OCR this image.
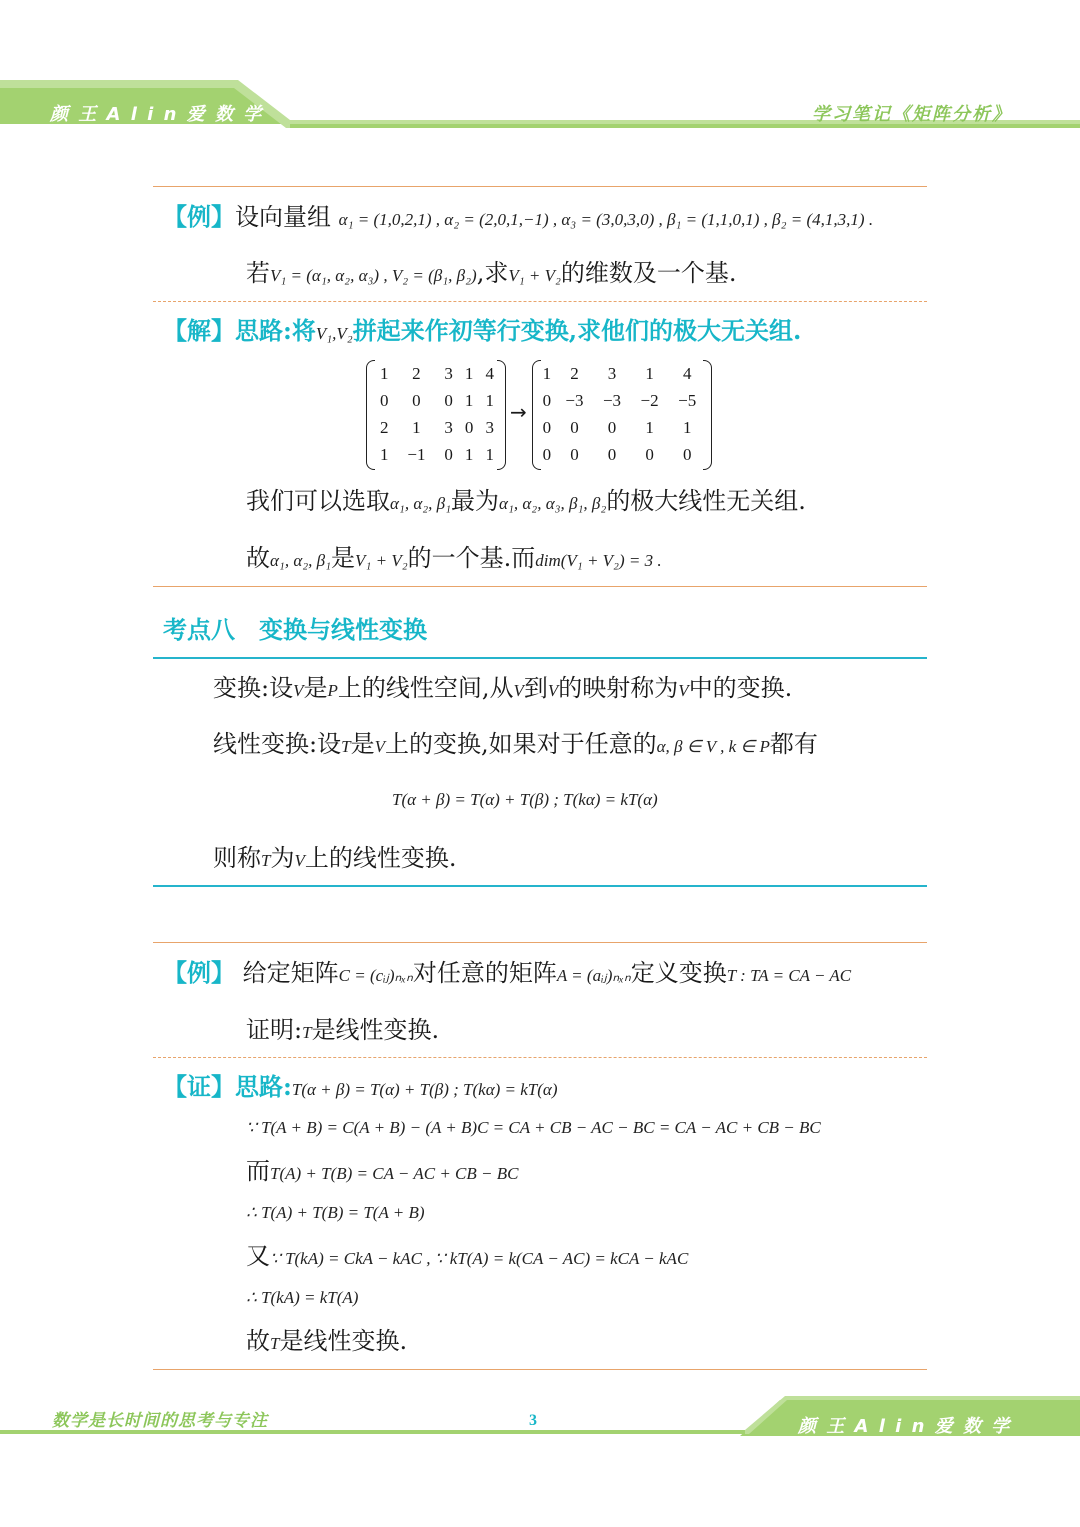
颜 王 A l i n 爱 数 学	学习笔记《矩阵分析》
【例】设向量组 α₁ = (1,0,2,1) , α₂ = (2,0,1,−1) , α₃ = (3,0,3,0) , β₁ = (1,1,0,1) , β₂ = (4,1,3,1) .
若V₁ = (α₁, α₂, α₃) , V₂ = (β₁, β₂),求V₁ + V₂的维数及一个基.
【解】思路:将V₁,V₂拼起来作初等行变换,求他们的极大无关组.
1	2	3	1	4
0	0	0	1	1
2	1	3	0	3
1	−1	0	1	1
→
1	2	3	1	4
0	−3	−3	−2	−5
0	0	0	1	1
0	0	0	0	0
我们可以选取α₁, α₂, β₁最为α₁, α₂, α₃, β₁, β₂的极大线性无关组.
故α₁, α₂, β₁是V₁ + V₂的一个基.而dim(V₁ + V₂) = 3 .
考点八　变换与线性变换
变换:设V是P上的线性空间,从V到V的映射称为V中的变换.
线性变换:设T是V上的变换,如果对于任意的α, β ∈ V , k ∈ P都有
T(α + β) = T(α) + T(β) ; T(kα) = kT(α)
则称T为V上的线性变换.
【例】 给定矩阵C = (cᵢⱼ)ₙₓₙ对任意的矩阵A = (aᵢⱼ)ₙₓₙ定义变换T : TA = CA − AC
证明:T是线性变换.
【证】思路:T(α + β) = T(α) + T(β) ; T(kα) = kT(α)
∵ T(A + B) = C(A + B) − (A + B)C = CA + CB − AC − BC = CA − AC + CB − BC
而T(A) + T(B) = CA − AC + CB − BC
∴ T(A) + T(B) = T(A + B)
又∵ T(kA) = CkA − kAC , ∵ kT(A) = k(CA − AC) = kCA − kAC
∴ T(kA) = kT(A)
故T是线性变换.
数学是长时间的思考与专注	3	颜 王 A l i n 爱 数 学
